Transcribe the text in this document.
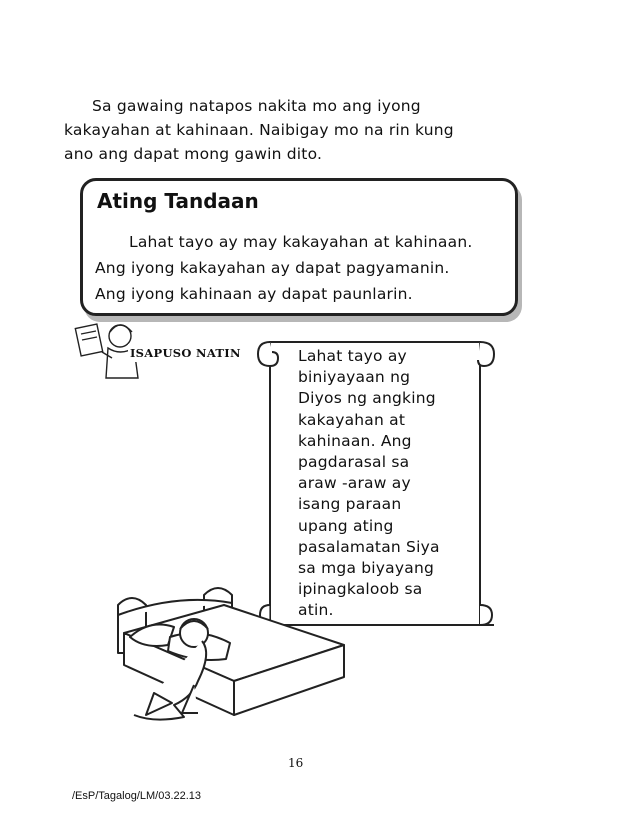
Sa gawaing natapos nakita mo ang iyong
kakayahan at kahinaan. Naibigay mo na rin kung
ano ang dapat mong gawin dito.
Ating Tandaan
Lahat tayo ay may kakayahan at kahinaan.
Ang iyong kakayahan ay dapat pagyamanin.
Ang iyong kahinaan ay dapat paunlarin.
ISAPUSO NATIN	Lahat tayo ay
biniyayaan ng
Diyos ng angking
kakayahan at
kahinaan. Ang
pagdarasal sa
araw -araw ay
isang paraan
upang ating
pasalamatan Siya
sa mga biyayang
ipinagkaloob sa
atin.
16
/EsP/Tagalog/LM/03.22.13
